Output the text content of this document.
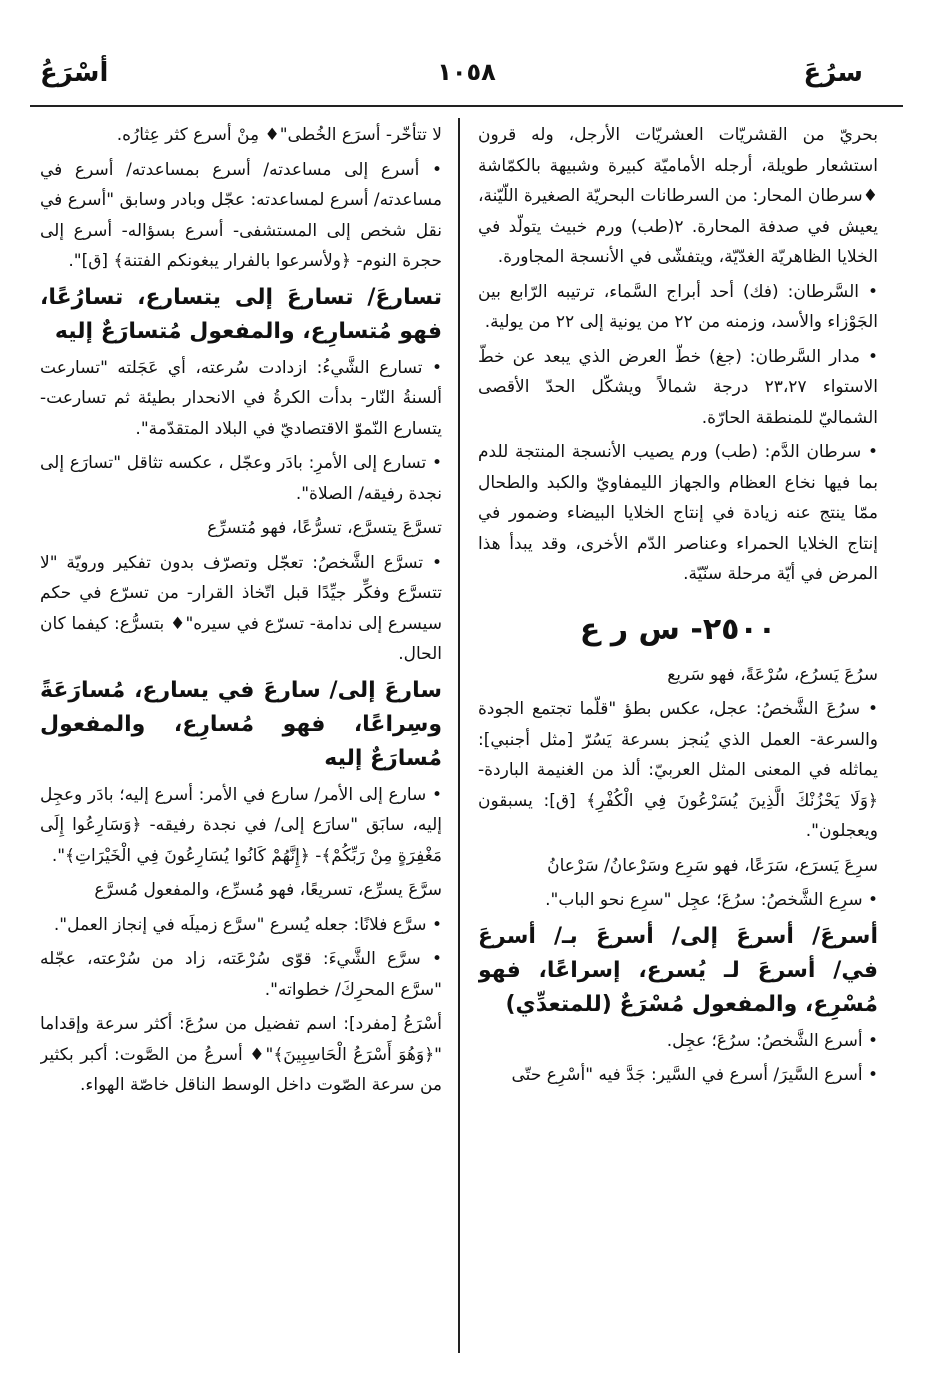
سرُعَ
١٠٥٨
أسْرَعُ

بحريّ من القشريّات العشريّات الأرجل، وله قرون استشعار طويلة، أرجله الأماميّة كبيرة وشبيهة بالكمّاشة ♦سرطان المحار: من السرطانات البحريّة الصغيرة اللّيّنة، يعيش في صدفة المحارة. ٢(طب) ورم خبيث يتولّد في الخلايا الظاهريّة الغدّيّة، ويتفشّى في الأنسجة المجاورة.

• السَّرطان: (فك) أحد أبراج السَّماء، ترتيبه الرّابع بين الجَوْزاء والأسد، وزمنه من ٢٢ من يونية إلى ٢٢ من يولية.

• مدار السَّرطان: (جغ) خطّ العرض الذي يبعد عن خطّ الاستواء ٢٣،٢٧ درجة شمالاً ويشكّل الحدّ الأقصى الشماليّ للمنطقة الحارّة.

• سرطان الدَّم: (طب) ورم يصيب الأنسجة المنتجة للدم بما فيها نخاع العظام والجهاز الليمفاويّ والكبد والطحال ممّا ينتج عنه زيادة في إنتاج الخلايا البيضاء وضمور في إنتاج الخلايا الحمراء وعناصر الدّم الأخرى، وقد يبدأ هذا المرض في أيّة مرحلة سنّيّة.

٢٥٠٠- س ر ع

سرُعَ يَسرُع، سُرْعَةً، فهو سَريع

• سرُعَ الشَّخصُ: عجل، عكس بطؤ "قلّما تجتمع الجودة والسرعة- العمل الذي يُنجز بسرعة يَسُرّ [مثل أجنبي]: يماثله في المعنى المثل العربيّ: ألذ من الغنيمة الباردة- ﴿وَلَا يَحْزُنْكَ الَّذِينَ يُسَرْعُونَ فِي الْكُفْرِ﴾ [ق]: يسبقون ويعجلون".

سرِعَ يَسرَع، سَرَعًا، فهو سَرِع وسَرْعانُ/ سَرْعانُ

• سرِع الشَّخصُ: سرُعَ؛ عجِل "سرِع نحو الباب".

أسرعَ/ أسرعَ إلى/ أسرعَ بـ/ أسرعَ في/ أسرعَ لـ يُسرع، إسراعًا، فهو مُسْرِع، والمفعول مُسْرَعٌ (للمتعدِّي)

• أسرع الشَّخصُ: سرُعَ؛ عجِل.

• أسرع السَّيرَ/ أسرع في السَّير: جَدَّ فيه "أسْرِع حتّى

لا تتأخّر- أسرَع الخُطى"♦ مِنْ أسرع كثر عِثارُه.

• أسرع إلى مساعدته/ أسرع بمساعدته/ أسرع في مساعدته/ أسرع لمساعدته: عجّل وبادر وسابق "أسرع في نقل شخص إلى المستشفى- أسرع بسؤاله- أسرع إلى حجرة النوم- ﴿ولأسرعوا بالفرار يبغونكم الفتنة﴾ [ق]".

تسارعَ/ تسارعَ إلى يتسارع، تسارُعًا، فهو مُتسارِع، والمفعول مُتسارَعٌ إليه

• تسارع الشَّيءُ: ازدادت سُرعته، أي عَجَلته "تسارعت ألسنةُ النّار- بدأت الكرةُ في الانحدار بطيئة ثم تسارعت- يتسارع النّموّ الاقتصاديّ في البلاد المتقدّمة".

• تسارع إلى الأمرِ: بادَر وعجّل ، عكسه تثاقل "تسارَع إلى نجدة رفيقه/ الصلاة".

تسرَّعَ يتسرَّع، تسرُّعًا، فهو مُتسرِّع

• تسرَّع الشَّخصُ: تعجّل وتصرّف بدون تفكير ورويّة "لا تتسرَّع وفكِّر جيِّدًا قبل اتّخاذ القرار- من تسرّع في حكم سيسرع إلى ندامة- تسرّع في سيره"♦ بتسرُّع: كيفما كان الحال.

سارعَ إلى/ سارعَ في يسارع، مُسارَعَةً وسِراعًا، فهو مُسارِع، والمفعول مُسارَعٌ إليه

• سارع إلى الأمر/ سارع في الأمر: أسرع إليه؛ بادَر وعجِل إليه، سابَق "سارَع إلى/ في نجدة رفيقه- ﴿وَسَارِعُوا إِلَى مَغْفِرَةٍ مِنْ رَبِّكُمْ﴾- ﴿إِنَّهُمْ كَانُوا يُسَارِعُونَ فِي الْخَيْرَاتِ﴾".

سرَّعَ يسرِّع، تسريعًا، فهو مُسرِّع، والمفعول مُسرَّع

• سرَّع فلانًا: جعله يُسرع "سرَّع زميلَه في إنجاز العمل".

• سرَّع الشَّيءَ: قوّى سُرْعَته، زاد من سُرْعته، عجّله "سرَّع المحرِكَ/ خطواته".

أسْرَعُ [مفرد]: اسم تفضيل من سرُعَ: أكثر سرعة وإقداما "﴿وَهُوَ أَسْرَعُ الْحَاسِبِينَ﴾"♦ أسرعُ من الصَّوت: أكبر بكثير من سرعة الصّوت داخل الوسط الناقل خاصّة الهواء.
